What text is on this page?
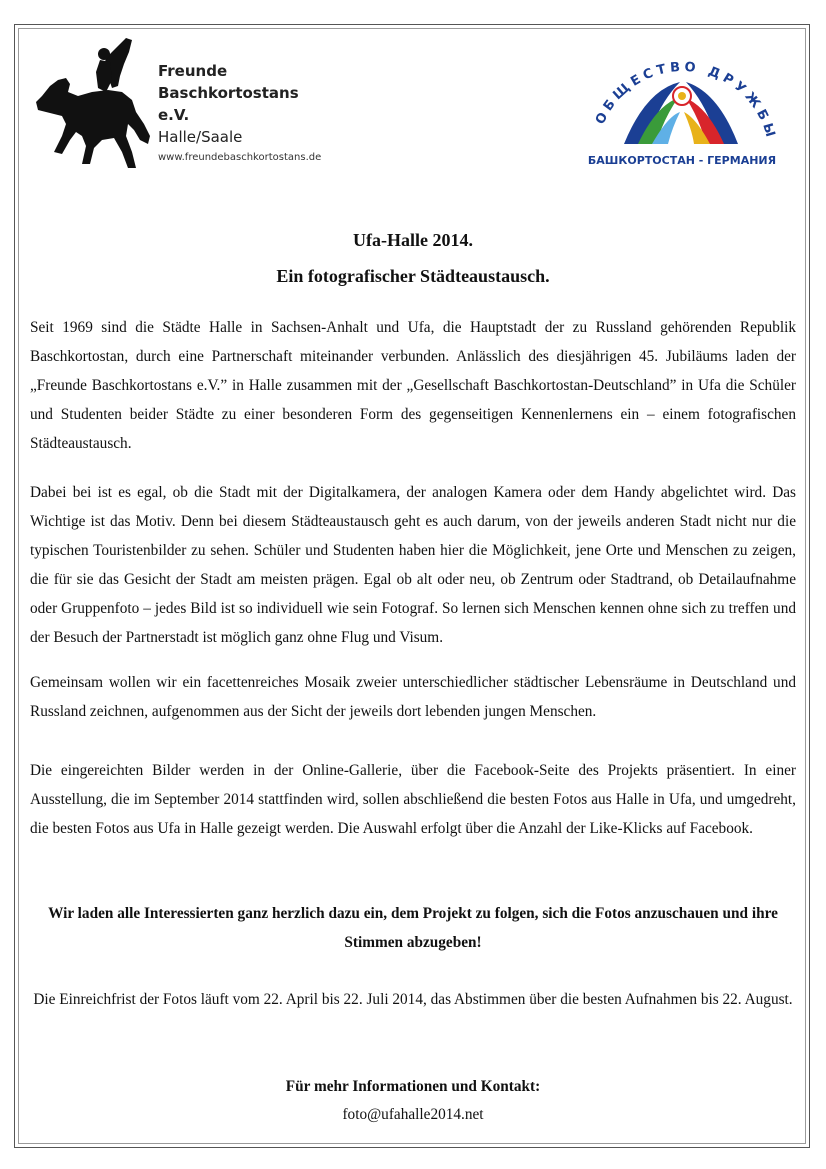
Freunde
Baschkortostans e.V.
Halle/Saale
www.freundebaschkortostans.de
ОБЩЕСТВО ДРУЖБЫ
БАШКОРТОСТАН - ГЕРМАНИЯ
Ufa-Halle 2014.
Ein fotografischer Städteaustausch.

Seit 1969 sind die Städte Halle in Sachsen-Anhalt und Ufa, die Hauptstadt der zu Russland gehörenden Republik Baschkortostan, durch eine Partnerschaft miteinander verbunden. Anlässlich des diesjährigen 45. Jubiläums laden der „Freunde Baschkortostans e.V.” in Halle zusammen mit der „Gesellschaft Baschkortostan-Deutschland” in Ufa die Schüler und Studenten beider Städte zu einer besonderen Form des gegenseitigen Kennenlernens ein – einem fotografischen Städteaustausch.

Dabei bei ist es egal, ob die Stadt mit der Digitalkamera, der analogen Kamera oder dem Handy abgelichtet wird. Das Wichtige ist das Motiv. Denn bei diesem Städteaustausch geht es auch darum, von der jeweils anderen Stadt nicht nur die typischen Touristenbilder zu sehen. Schüler und Studenten haben hier die Möglichkeit, jene Orte und Menschen zu zeigen, die für sie das Gesicht der Stadt am meisten prägen. Egal ob alt oder neu, ob Zentrum oder Stadtrand, ob Detailaufnahme oder Gruppenfoto – jedes Bild ist so individuell wie sein Fotograf. So lernen sich Menschen kennen ohne sich zu treffen und der Besuch der Partnerstadt ist möglich ganz ohne Flug und Visum.

Gemeinsam wollen wir ein facettenreiches Mosaik zweier unterschiedlicher städtischer Lebensräume in Deutschland und Russland zeichnen, aufgenommen aus der Sicht der jeweils dort lebenden jungen Menschen.

Die eingereichten Bilder werden in der Online-Gallerie, über die Facebook-Seite des Projekts präsentiert. In einer Ausstellung, die im September 2014 stattfinden wird, sollen abschließend die besten Fotos aus Halle in Ufa, und umgedreht, die besten Fotos aus Ufa in Halle gezeigt werden. Die Auswahl erfolgt über die Anzahl der Like-Klicks auf Facebook.

Wir laden alle Interessierten ganz herzlich dazu ein, dem Projekt zu folgen, sich die Fotos anzuschauen und ihre Stimmen abzugeben!

Die Einreichfrist der Fotos läuft vom 22. April bis 22. Juli 2014, das Abstimmen über die besten Aufnahmen bis 22. August.

Für mehr Informationen und Kontakt:
foto@ufahalle2014.net
